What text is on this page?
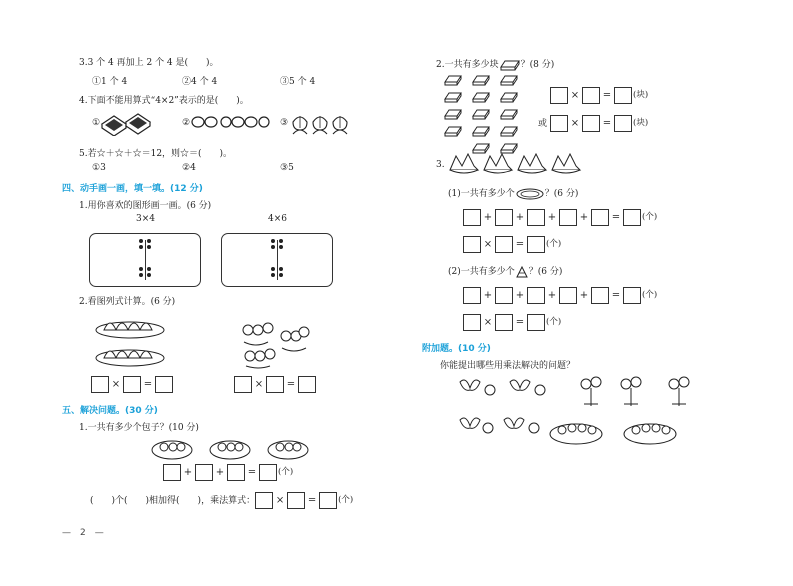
3.3 个 4 再加上 2 个 4 是(　　)。
①1 个 4	②4 个 4	③5 个 4
4.下面不能用算式“4×2”表示的是(　　)。
①	②	③
5.若☆＋☆＋☆＝12，则☆＝(　　)。
①3	②4	③5
四、动手画一画，填一填。(12 分)
1.用你喜欢的图形画一画。(6 分)
3×4	4×6
2.看图列式计算。(6 分)
× =	× =
五、解决问题。(30 分)
1.一共有多少个包子？(10 分)
+ + =	(个)
(　　)个(　　)相加得(　　)，乘法算式： × =	(个)
—　2　—
2.一共有多少块 ？(8 分)
× =	(块)
或 × =	(块)
3.
(1)一共有多少个	？(6 分)
+ + + + =	(个)
× =	(个)
(2)一共有多少个 ？(6 分)
+ + + + =	(个)
× =	(个)
附加题。(10 分)
你能提出哪些用乘法解决的问题？
